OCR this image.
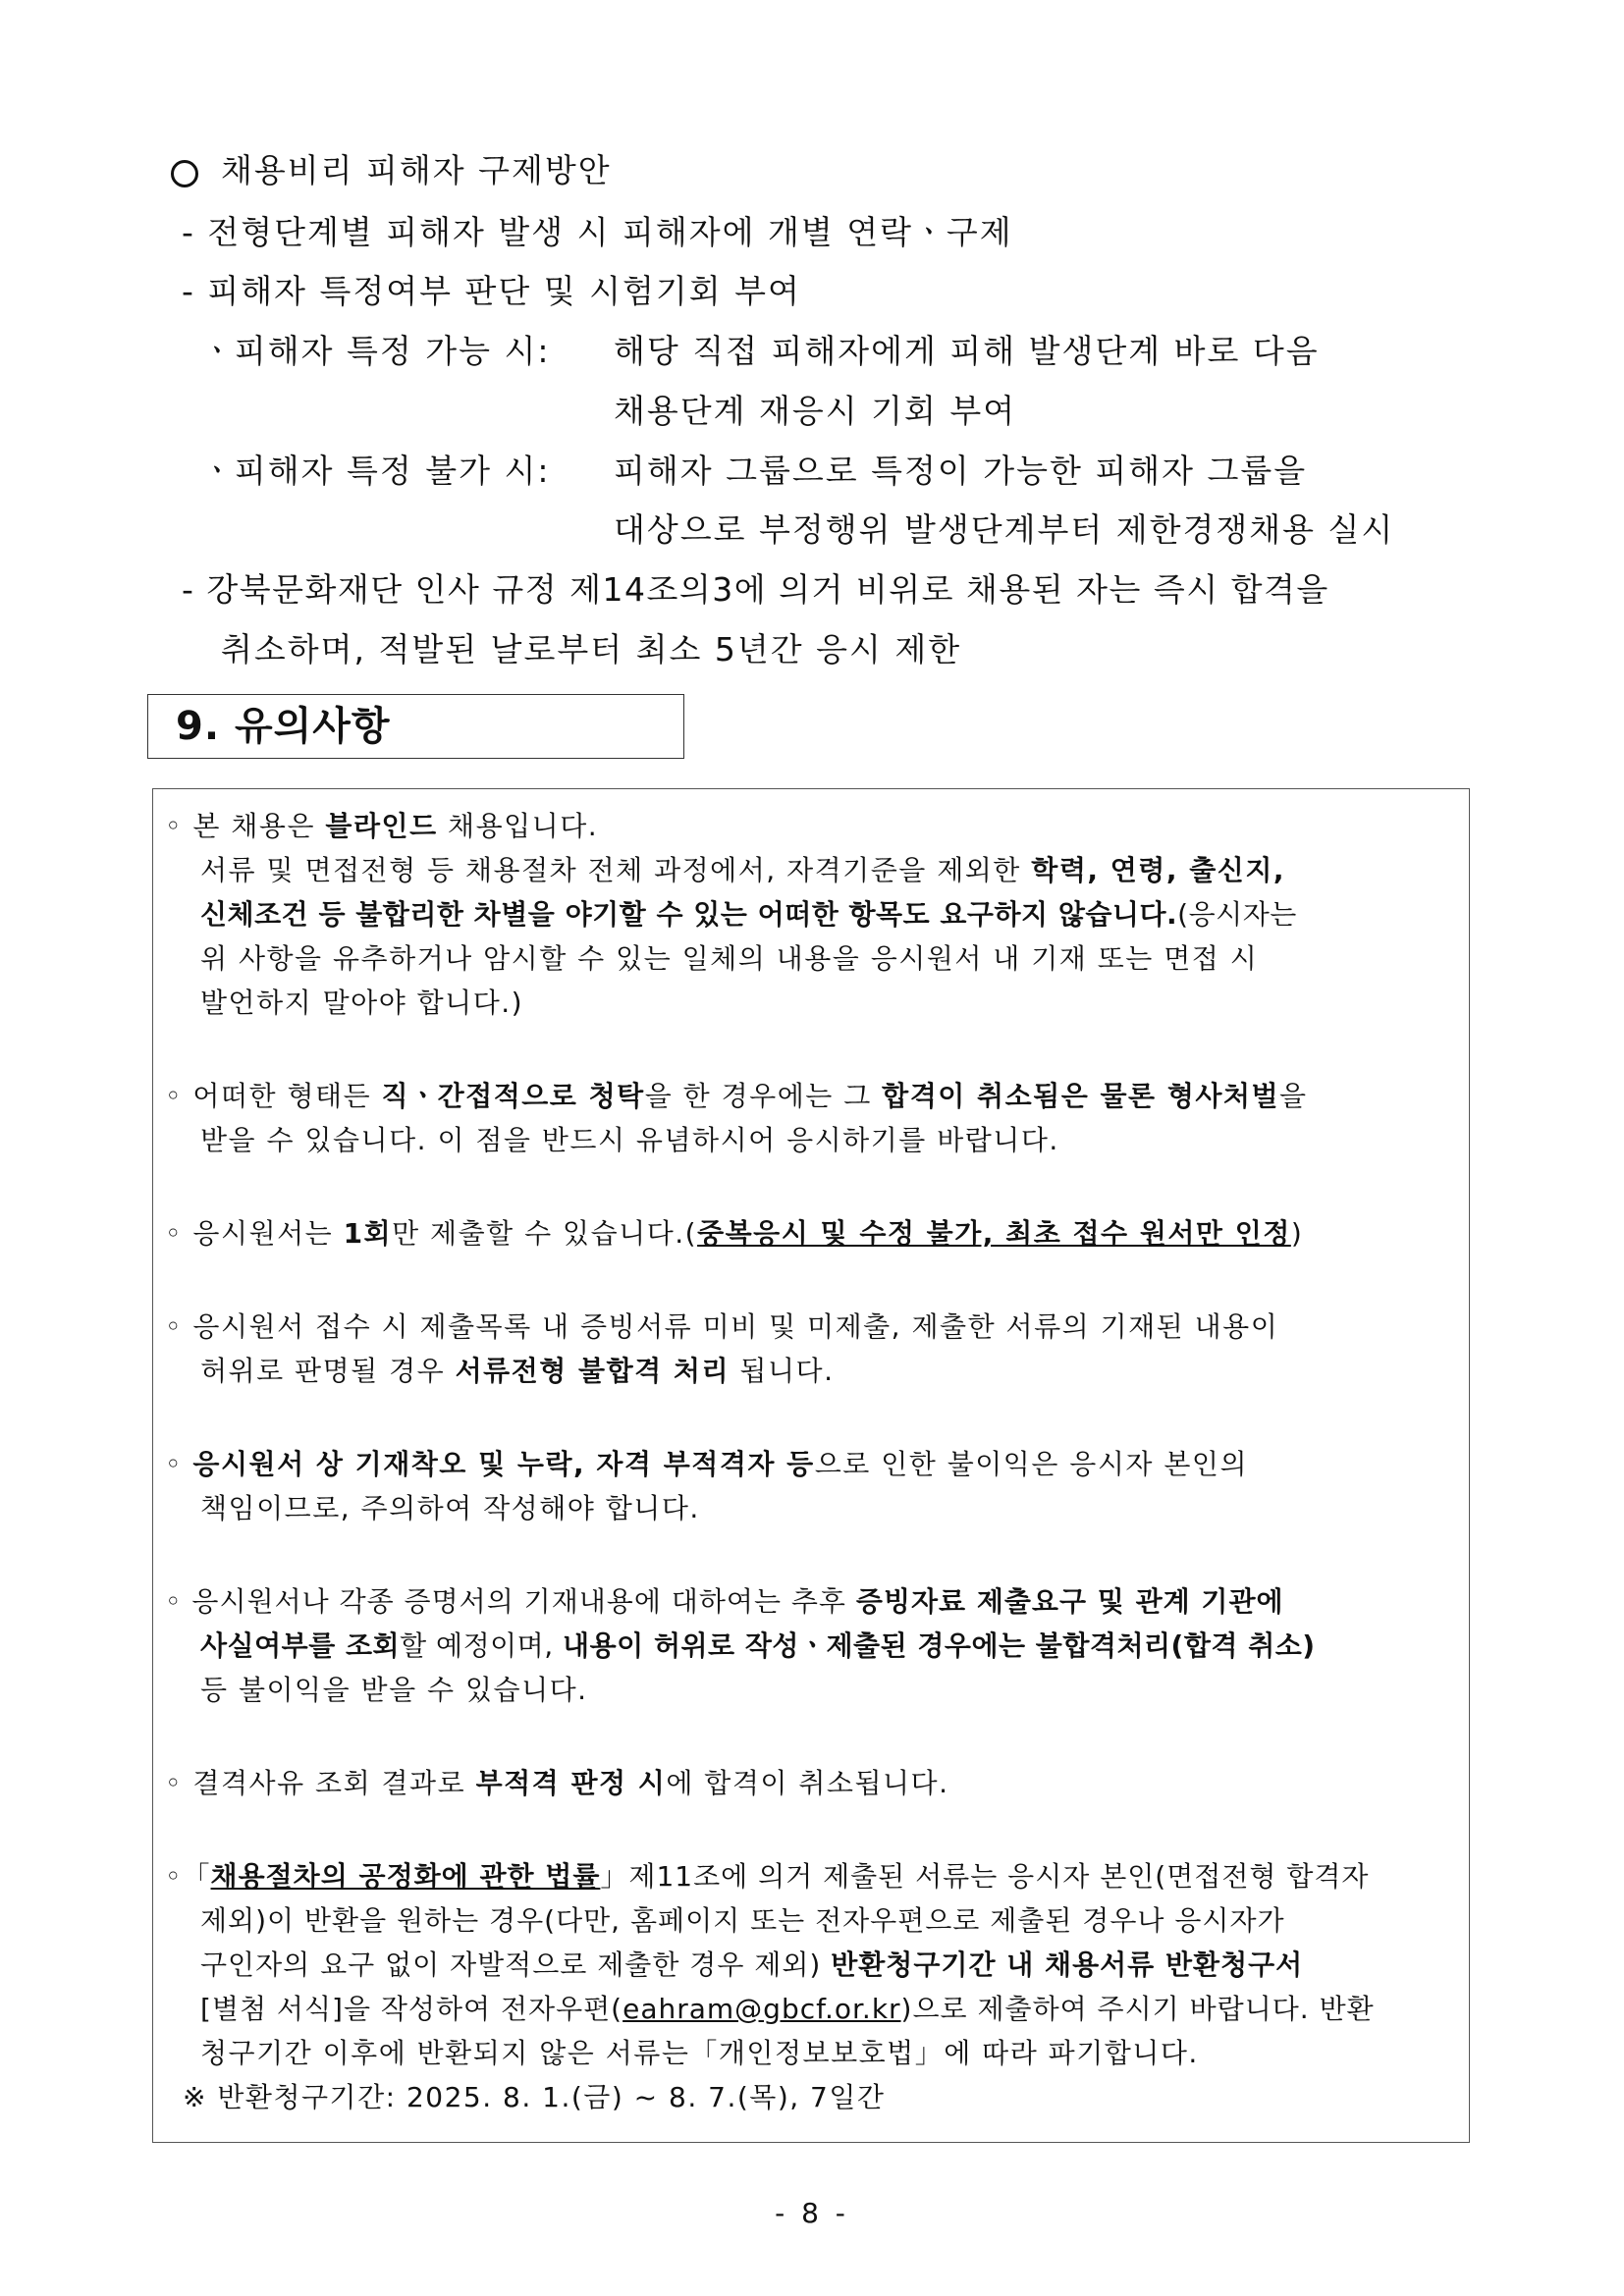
채용비리 피해자 구제방안
- 전형단계별 피해자 발생 시 피해자에 개별 연락ㆍ구제
- 피해자 특정여부 판단 및 시험기회 부여
ㆍ피해자 특정 가능 시: 해당 직접 피해자에게 피해 발생단계 바로 다음
채용단계 재응시 기회 부여
ㆍ피해자 특정 불가 시: 피해자 그룹으로 특정이 가능한 피해자 그룹을
대상으로 부정행위 발생단계부터 제한경쟁채용 실시
- 강북문화재단 인사 규정 제14조의3에 의거 비위로 채용된 자는 즉시 합격을
취소하며, 적발된 날로부터 최소 5년간 응시 제한
9. 유의사항
◦ 본 채용은 블라인드 채용입니다.
서류 및 면접전형 등 채용절차 전체 과정에서, 자격기준을 제외한 학력, 연령, 출신지,
신체조건 등 불합리한 차별을 야기할 수 있는 어떠한 항목도 요구하지 않습니다.(응시자는
위 사항을 유추하거나 암시할 수 있는 일체의 내용을 응시원서 내 기재 또는 면접 시
발언하지 말아야 합니다.)
◦ 어떠한 형태든 직ㆍ간접적으로 청탁을 한 경우에는 그 합격이 취소됨은 물론 형사처벌을
받을 수 있습니다. 이 점을 반드시 유념하시어 응시하기를 바랍니다.
◦ 응시원서는 1회만 제출할 수 있습니다.(중복응시 및 수정 불가, 최초 접수 원서만 인정)
◦ 응시원서 접수 시 제출목록 내 증빙서류 미비 및 미제출, 제출한 서류의 기재된 내용이
허위로 판명될 경우 서류전형 불합격 처리 됩니다.
◦ 응시원서 상 기재착오 및 누락, 자격 부적격자 등으로 인한 불이익은 응시자 본인의
책임이므로, 주의하여 작성해야 합니다.
◦ 응시원서나 각종 증명서의 기재내용에 대하여는 추후 증빙자료 제출요구 및 관계 기관에
사실여부를 조회할 예정이며, 내용이 허위로 작성ㆍ제출된 경우에는 불합격처리(합격 취소)
등 불이익을 받을 수 있습니다.
◦ 결격사유 조회 결과로 부적격 판정 시에 합격이 취소됩니다.
◦「채용절차의 공정화에 관한 법률」제11조에 의거 제출된 서류는 응시자 본인(면접전형 합격자
제외)이 반환을 원하는 경우(다만, 홈페이지 또는 전자우편으로 제출된 경우나 응시자가
구인자의 요구 없이 자발적으로 제출한 경우 제외) 반환청구기간 내 채용서류 반환청구서
[별첨 서식]을 작성하여 전자우편(eahram@gbcf.or.kr)으로 제출하여 주시기 바랍니다. 반환
청구기간 이후에 반환되지 않은 서류는「개인정보보호법」에 따라 파기합니다.
※ 반환청구기간: 2025. 8. 1.(금) ~ 8. 7.(목), 7일간
- 8 -
